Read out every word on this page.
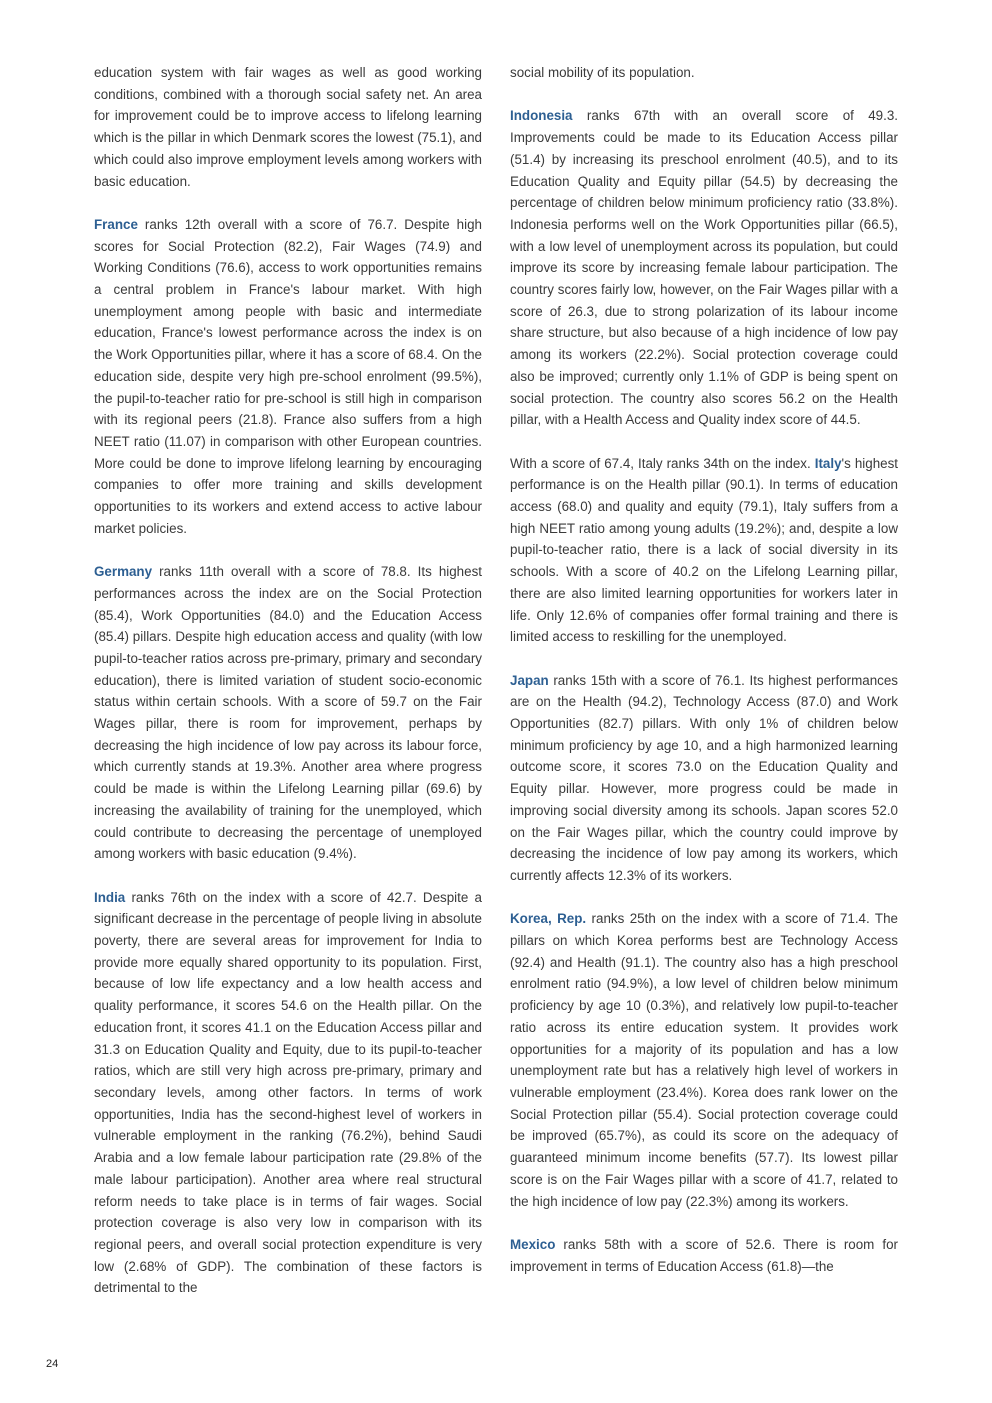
education system with fair wages as well as good working conditions, combined with a thorough social safety net. An area for improvement could be to improve access to lifelong learning which is the pillar in which Denmark scores the lowest (75.1), and which could also improve employment levels among workers with basic education.

France ranks 12th overall with a score of 76.7. Despite high scores for Social Protection (82.2), Fair Wages (74.9) and Working Conditions (76.6), access to work opportunities remains a central problem in France's labour market. With high unemployment among people with basic and intermediate education, France's lowest performance across the index is on the Work Opportunities pillar, where it has a score of 68.4. On the education side, despite very high pre-school enrolment (99.5%), the pupil-to-teacher ratio for pre-school is still high in comparison with its regional peers (21.8). France also suffers from a high NEET ratio (11.07) in comparison with other European countries. More could be done to improve lifelong learning by encouraging companies to offer more training and skills development opportunities to its workers and extend access to active labour market policies.

Germany ranks 11th overall with a score of 78.8. Its highest performances across the index are on the Social Protection (85.4), Work Opportunities (84.0) and the Education Access (85.4) pillars. Despite high education access and quality (with low pupil-to-teacher ratios across pre-primary, primary and secondary education), there is limited variation of student socio-economic status within certain schools. With a score of 59.7 on the Fair Wages pillar, there is room for improvement, perhaps by decreasing the high incidence of low pay across its labour force, which currently stands at 19.3%. Another area where progress could be made is within the Lifelong Learning pillar (69.6) by increasing the availability of training for the unemployed, which could contribute to decreasing the percentage of unemployed among workers with basic education (9.4%).

India ranks 76th on the index with a score of 42.7. Despite a significant decrease in the percentage of people living in absolute poverty, there are several areas for improvement for India to provide more equally shared opportunity to its population. First, because of low life expectancy and a low health access and quality performance, it scores 54.6 on the Health pillar. On the education front, it scores 41.1 on the Education Access pillar and 31.3 on Education Quality and Equity, due to its pupil-to-teacher ratios, which are still very high across pre-primary, primary and secondary levels, among other factors. In terms of work opportunities, India has the second-highest level of workers in vulnerable employment in the ranking (76.2%), behind Saudi Arabia and a low female labour participation rate (29.8% of the male labour participation). Another area where real structural reform needs to take place is in terms of fair wages. Social protection coverage is also very low in comparison with its regional peers, and overall social protection expenditure is very low (2.68% of GDP). The combination of these factors is detrimental to the

social mobility of its population.

Indonesia ranks 67th with an overall score of 49.3. Improvements could be made to its Education Access pillar (51.4) by increasing its preschool enrolment (40.5), and to its Education Quality and Equity pillar (54.5) by decreasing the percentage of children below minimum proficiency ratio (33.8%). Indonesia performs well on the Work Opportunities pillar (66.5), with a low level of unemployment across its population, but could improve its score by increasing female labour participation. The country scores fairly low, however, on the Fair Wages pillar with a score of 26.3, due to strong polarization of its labour income share structure, but also because of a high incidence of low pay among its workers (22.2%). Social protection coverage could also be improved; currently only 1.1% of GDP is being spent on social protection. The country also scores 56.2 on the Health pillar, with a Health Access and Quality index score of 44.5.

With a score of 67.4, Italy ranks 34th on the index. Italy's highest performance is on the Health pillar (90.1). In terms of education access (68.0) and quality and equity (79.1), Italy suffers from a high NEET ratio among young adults (19.2%); and, despite a low pupil-to-teacher ratio, there is a lack of social diversity in its schools. With a score of 40.2 on the Lifelong Learning pillar, there are also limited learning opportunities for workers later in life. Only 12.6% of companies offer formal training and there is limited access to reskilling for the unemployed.

Japan ranks 15th with a score of 76.1. Its highest performances are on the Health (94.2), Technology Access (87.0) and Work Opportunities (82.7) pillars. With only 1% of children below minimum proficiency by age 10, and a high harmonized learning outcome score, it scores 73.0 on the Education Quality and Equity pillar. However, more progress could be made in improving social diversity among its schools. Japan scores 52.0 on the Fair Wages pillar, which the country could improve by decreasing the incidence of low pay among its workers, which currently affects 12.3% of its workers.

Korea, Rep. ranks 25th on the index with a score of 71.4. The pillars on which Korea performs best are Technology Access (92.4) and Health (91.1). The country also has a high preschool enrolment ratio (94.9%), a low level of children below minimum proficiency by age 10 (0.3%), and relatively low pupil-to-teacher ratio across its entire education system. It provides work opportunities for a majority of its population and has a low unemployment rate but has a relatively high level of workers in vulnerable employment (23.4%). Korea does rank lower on the Social Protection pillar (55.4). Social protection coverage could be improved (65.7%), as could its score on the adequacy of guaranteed minimum income benefits (57.7). Its lowest pillar score is on the Fair Wages pillar with a score of 41.7, related to the high incidence of low pay (22.3%) among its workers.

Mexico ranks 58th with a score of 52.6. There is room for improvement in terms of Education Access (61.8)—the

24
